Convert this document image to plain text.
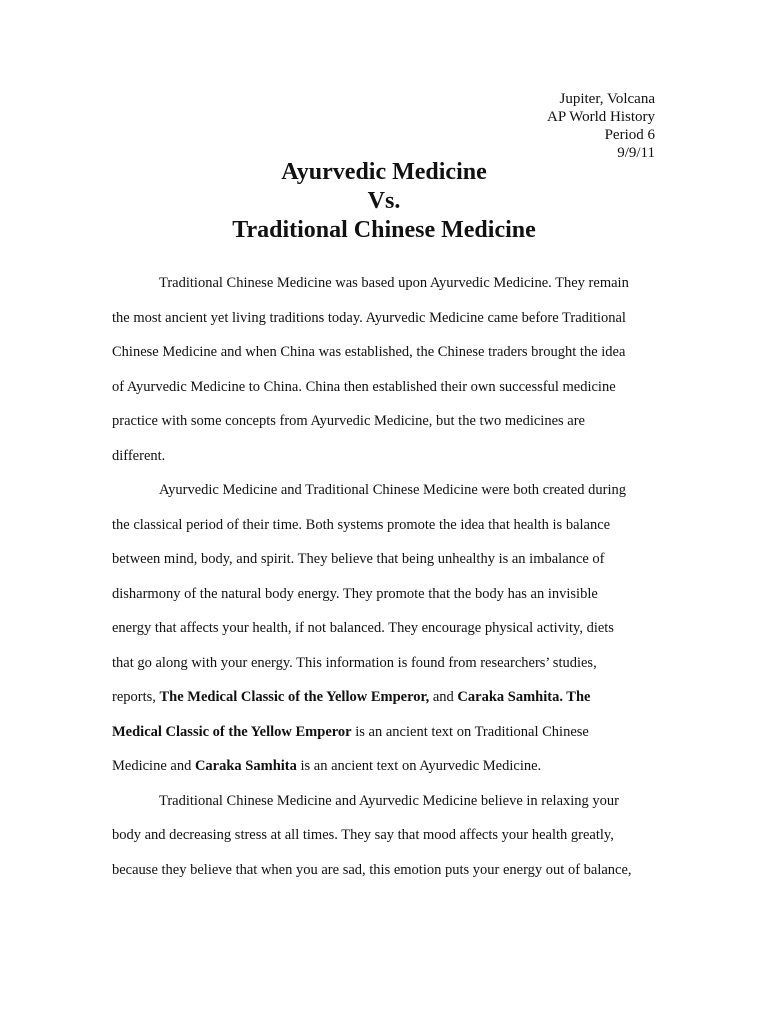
Jupiter, Volcana
AP World History
Period 6
9/9/11
Ayurvedic Medicine
Vs.
Traditional Chinese Medicine
Traditional Chinese Medicine was based upon Ayurvedic Medicine. They remain
the most ancient yet living traditions today. Ayurvedic Medicine came before Traditional
Chinese Medicine and when China was established, the Chinese traders brought the idea
of Ayurvedic Medicine to China. China then established their own successful medicine
practice with some concepts from Ayurvedic Medicine, but the two medicines are
different.
Ayurvedic Medicine and Traditional Chinese Medicine were both created during
the classical period of their time. Both systems promote the idea that health is balance
between mind, body, and spirit. They believe that being unhealthy is an imbalance of
disharmony of the natural body energy. They promote that the body has an invisible
energy that affects your health, if not balanced. They encourage physical activity, diets
that go along with your energy. This information is found from researchers’ studies,
reports, The Medical Classic of the Yellow Emperor, and Caraka Samhita. The
Medical Classic of the Yellow Emperor is an ancient text on Traditional Chinese
Medicine and Caraka Samhita is an ancient text on Ayurvedic Medicine.
Traditional Chinese Medicine and Ayurvedic Medicine believe in relaxing your
body and decreasing stress at all times. They say that mood affects your health greatly,
because they believe that when you are sad, this emotion puts your energy out of balance,
